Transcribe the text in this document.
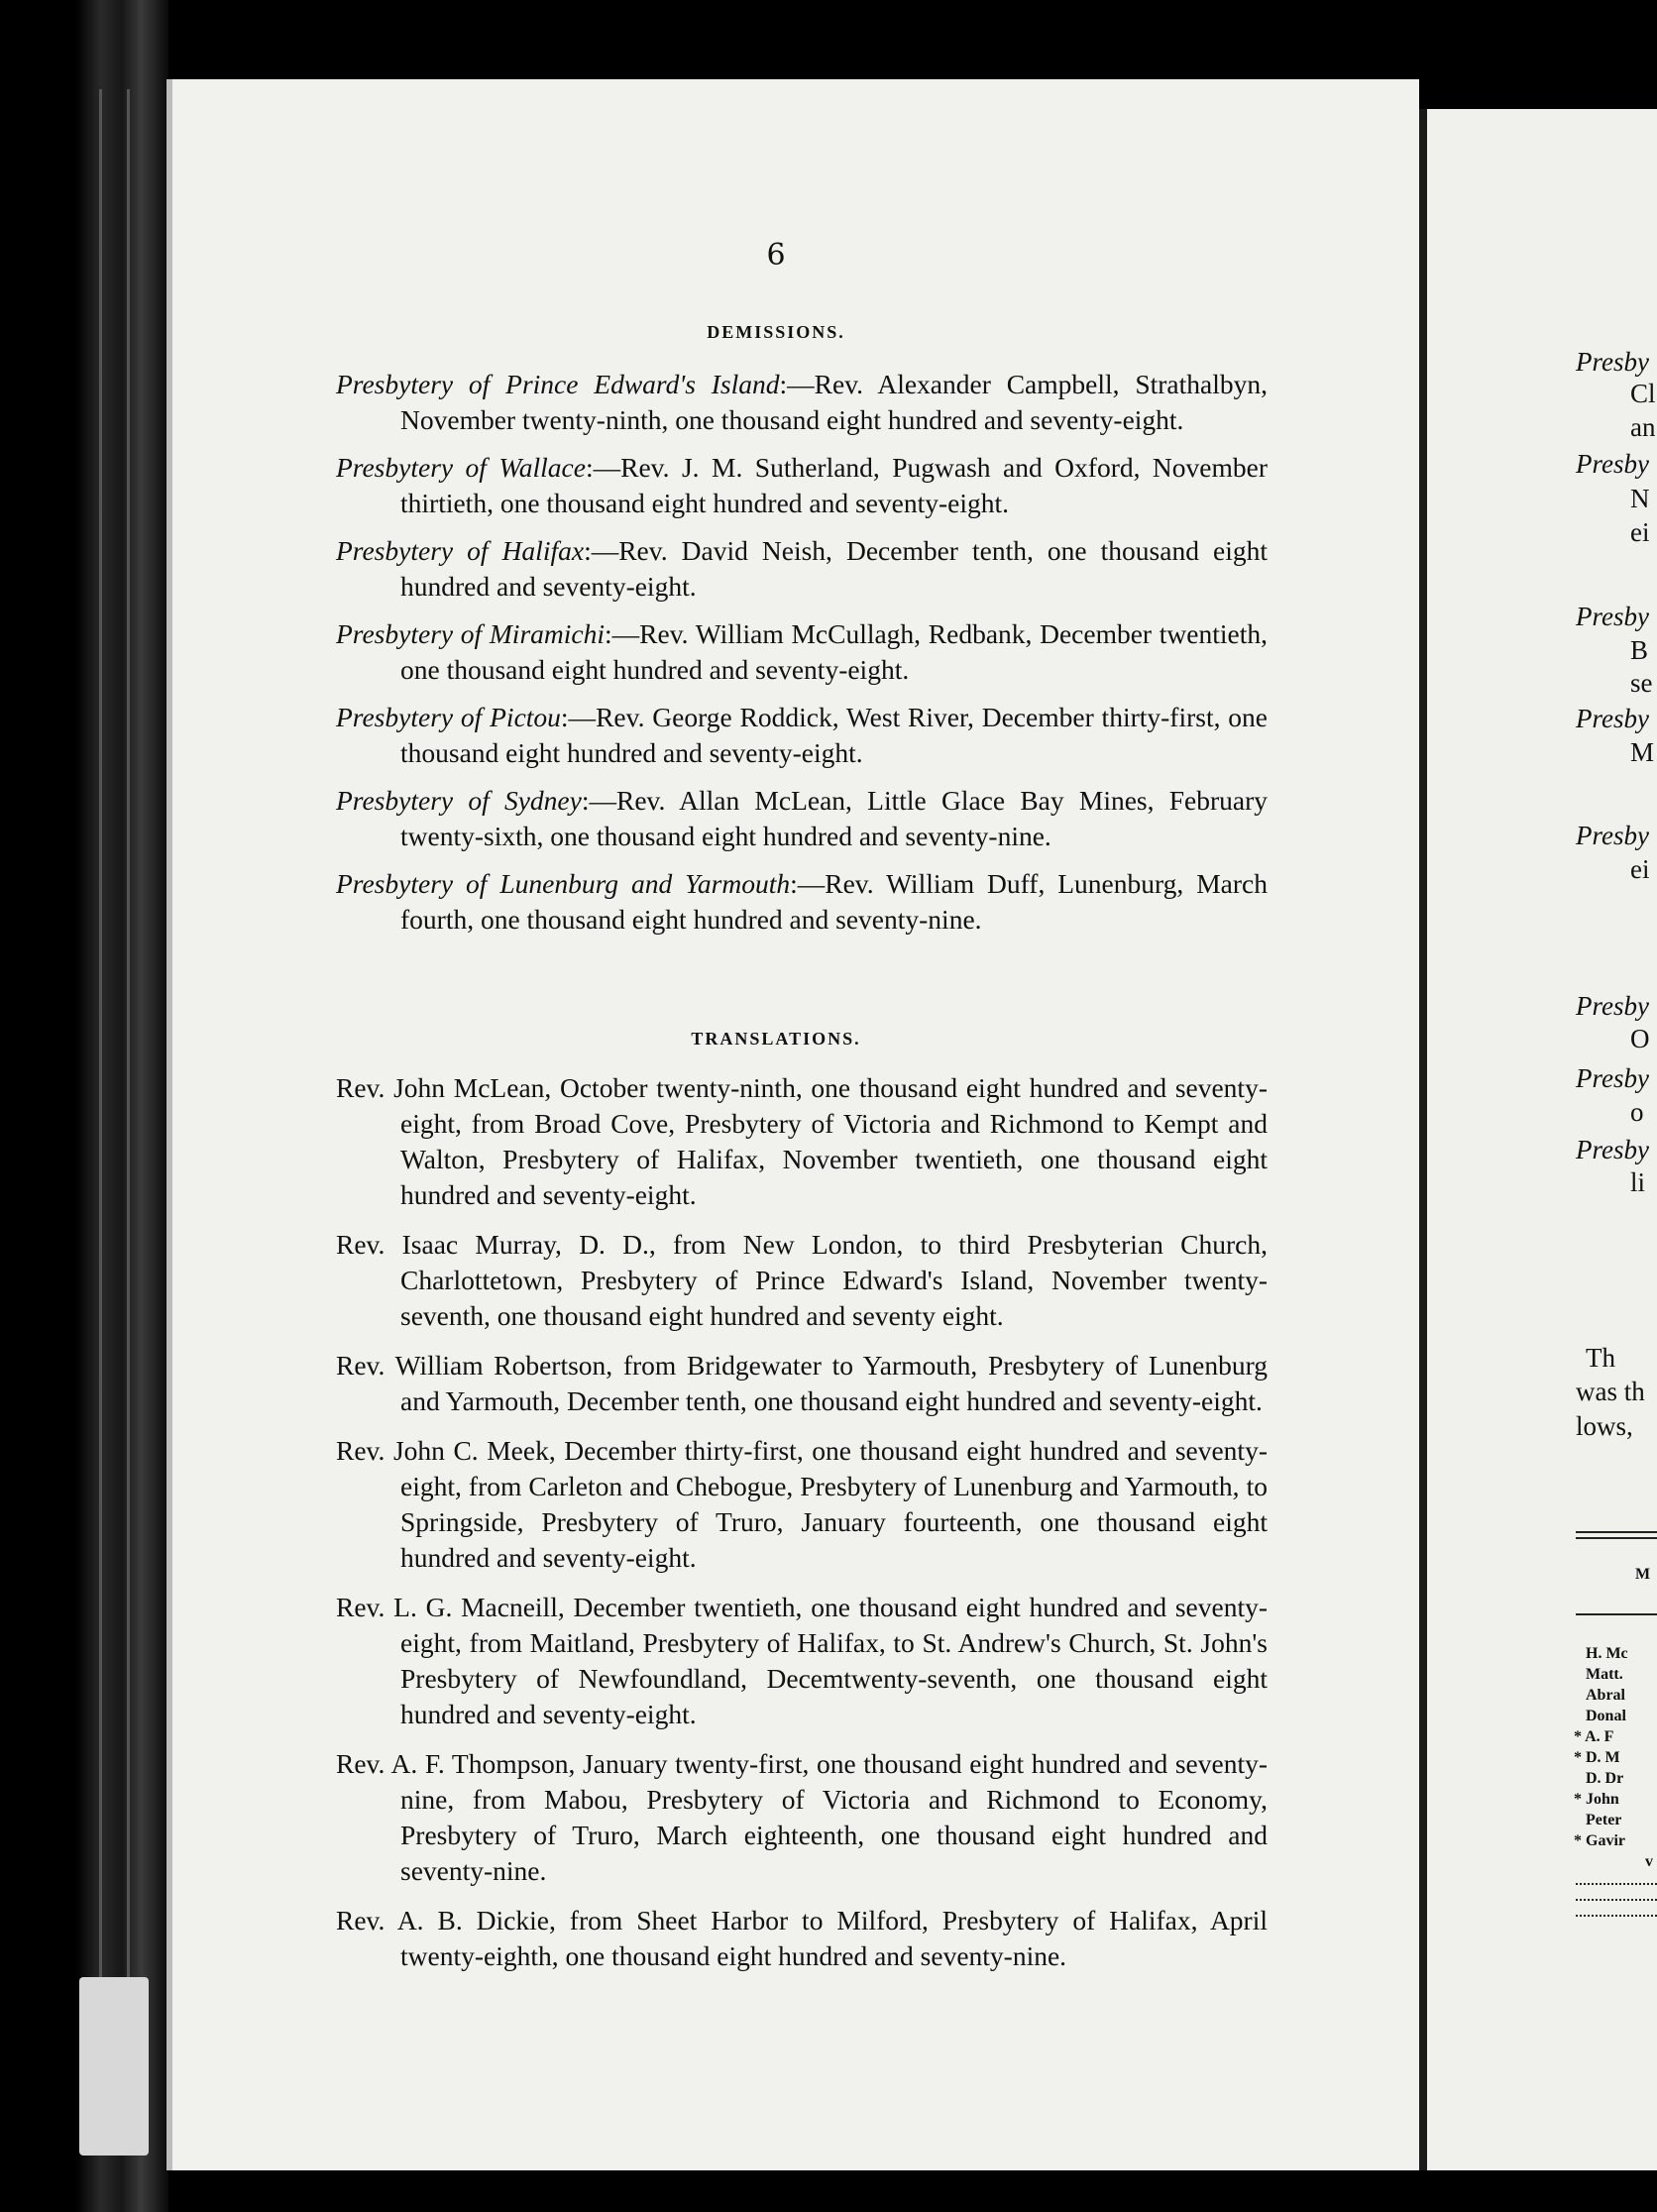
6
DEMISSIONS.

Presbytery of Prince Edward's Island:—Rev. Alexander Campbell, Strathalbyn, November twenty-ninth, one thousand eight hundred and seventy-eight.

Presbytery of Wallace:—Rev. J. M. Sutherland, Pugwash and Oxford, November thirtieth, one thousand eight hundred and seventy-eight.

Presbytery of Halifax:—Rev. David Neish, December tenth, one thousand eight hundred and seventy-eight.

Presbytery of Miramichi:—Rev. William McCullagh, Redbank, December twentieth, one thousand eight hundred and seventy-eight.

Presbytery of Pictou:—Rev. George Roddick, West River, December thirty-first, one thousand eight hundred and seventy-eight.

Presbytery of Sydney:—Rev. Allan McLean, Little Glace Bay Mines, February twenty-sixth, one thousand eight hundred and seventy-nine.

Presbytery of Lunenburg and Yarmouth:—Rev. William Duff, Lunenburg, March fourth, one thousand eight hundred and seventy-nine.

TRANSLATIONS.

Rev. John McLean, October twenty-ninth, one thousand eight hundred and seventy-eight, from Broad Cove, Presbytery of Victoria and Richmond to Kempt and Walton, Presbytery of Halifax, November twentieth, one thousand eight hundred and seventy-eight.

Rev. Isaac Murray, D. D., from New London, to third Presbyterian Church, Charlottetown, Presbytery of Prince Edward's Island, November twenty-seventh, one thousand eight hundred and seventy eight.

Rev. William Robertson, from Bridgewater to Yarmouth, Presbytery of Lunenburg and Yarmouth, December tenth, one thousand eight hundred and seventy-eight.

Rev. John C. Meek, December thirty-first, one thousand eight hundred and seventy-eight, from Carleton and Chebogue, Presbytery of Lunenburg and Yarmouth, to Springside, Presbytery of Truro, January fourteenth, one thousand eight hundred and seventy-eight.

Rev. L. G. Macneill, December twentieth, one thousand eight hundred and seventy-eight, from Maitland, Presbytery of Halifax, to St. Andrew's Church, St. John's Presbytery of Newfoundland, Decemtwenty-seventh, one thousand eight hundred and seventy-eight.

Rev. A. F. Thompson, January twenty-first, one thousand eight hundred and seventy-nine, from Mabou, Presbytery of Victoria and Richmond to Economy, Presbytery of Truro, March eighteenth, one thousand eight hundred and seventy-nine.

Rev. A. B. Dickie, from Sheet Harbor to Milford, Presbytery of Halifax, April twenty-eighth, one thousand eight hundred and seventy-nine.

Presby
Cl
an
Presby
N
ei
Presby
B
se
Presby
M
Presby
ei
Presby
O
Presby
o
Presby
li
Th
was th
lows,
M
H. Mc
Matt.
Abral
Donal
* A. F
* D. M
D. Dr
* John
Peter
* Gavir
v
